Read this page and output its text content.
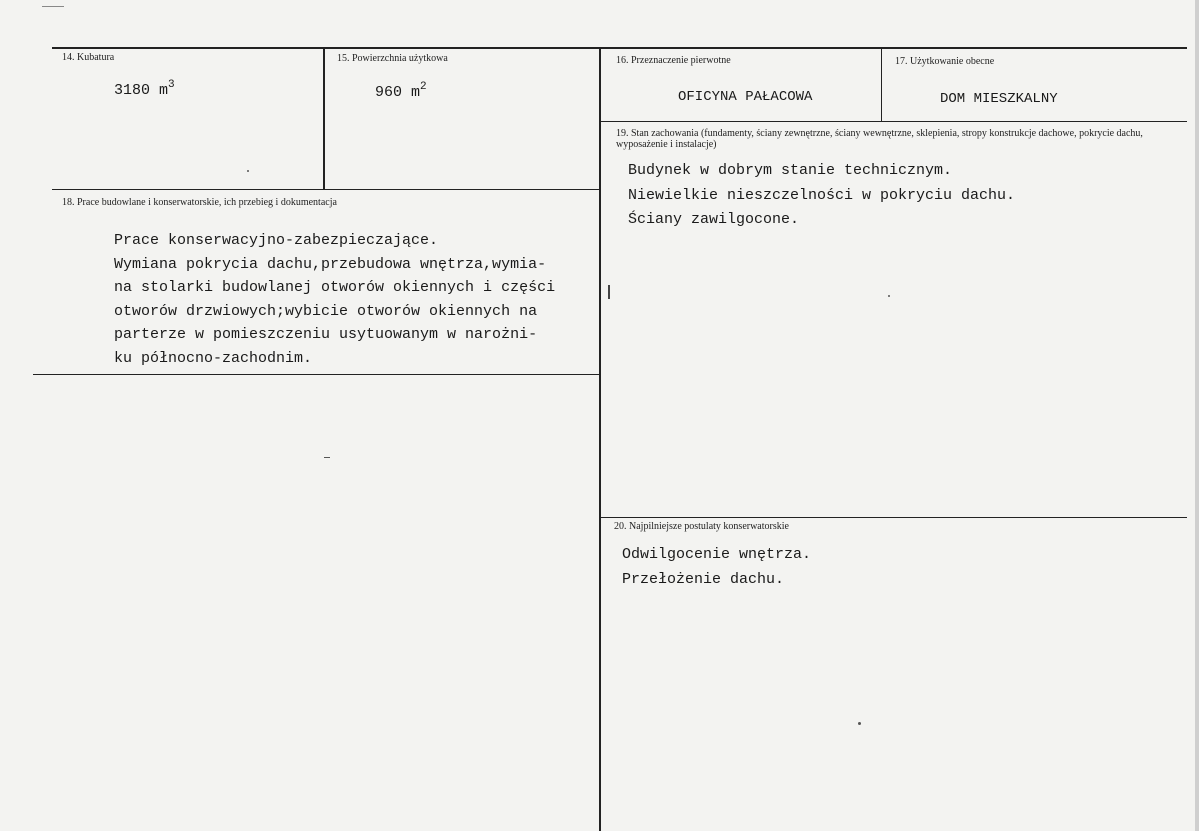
14. Kubatura
3180 $m^3$
15. Powierzchnia użytkowa
960 $m^2$
16. Przeznaczenie pierwotne
OFICYNA PAŁACOWA
17. Użytkowanie obecne
DOM MIESZKALNY
18. Prace budowlane i konserwatorskie, ich przebieg i dokumentacja
Prace konserwacyjno-zabezpieczające.
Wymiana pokrycia dachu,przebudowa wnętrza,wymia-
na stolarki budowlanej otworów okiennych i części
otworów drzwiowych;wybicie otworów okiennych na
parterze w pomieszczeniu usytuowanym w narożni-
ku północno-zachodnim.
19. Stan zachowania (fundamenty, ściany zewnętrzne, ściany wewnętrzne, sklepienia, stropy konstrukcje dachowe, pokrycie dachu, wyposażenie i instalacje)
Budynek w dobrym stanie technicznym.
Niewielkie nieszczelności w pokryciu dachu.
Ściany zawilgocone.
20. Najpilniejsze postulaty konserwatorskie
Odwilgocenie wnętrza.
Przełożenie dachu.
